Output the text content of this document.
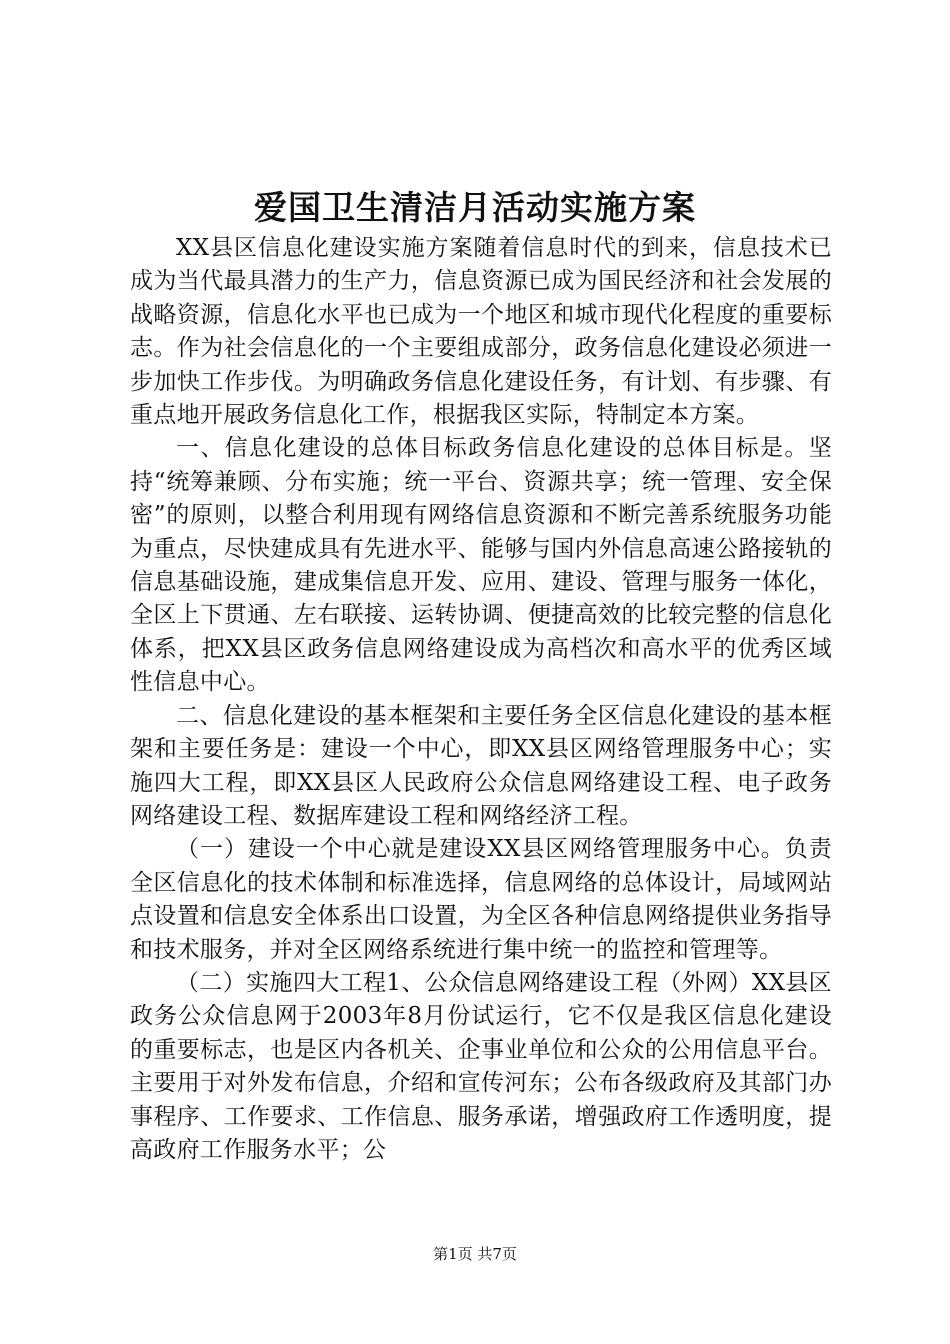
爱国卫生清洁月活动实施方案

XX县区信息化建设实施方案随着信息时代的到来，信息技术已成为当代最具潜力的生产力，信息资源已成为国民经济和社会发展的战略资源，信息化水平也已成为一个地区和城市现代化程度的重要标志。作为社会信息化的一个主要组成部分，政务信息化建设必须进一步加快工作步伐。为明确政务信息化建设任务，有计划、有步骤、有重点地开展政务信息化工作，根据我区实际，特制定本方案。

一、信息化建设的总体目标政务信息化建设的总体目标是。坚持“统筹兼顾、分布实施；统一平台、资源共享；统一管理、安全保密”的原则，以整合利用现有网络信息资源和不断完善系统服务功能为重点，尽快建成具有先进水平、能够与国内外信息高速公路接轨的信息基础设施，建成集信息开发、应用、建设、管理与服务一体化，全区上下贯通、左右联接、运转协调、便捷高效的比较完整的信息化体系，把XX县区政务信息网络建设成为高档次和高水平的优秀区域性信息中心。

二、信息化建设的基本框架和主要任务全区信息化建设的基本框架和主要任务是：建设一个中心，即XX县区网络管理服务中心；实施四大工程，即XX县区人民政府公众信息网络建设工程、电子政务网络建设工程、数据库建设工程和网络经济工程。

（一）建设一个中心就是建设XX县区网络管理服务中心。负责全区信息化的技术体制和标准选择，信息网络的总体设计，局域网站点设置和信息安全体系出口设置，为全区各种信息网络提供业务指导和技术服务，并对全区网络系统进行集中统一的监控和管理等。

（二）实施四大工程1、公众信息网络建设工程（外网）XX县区政务公众信息网于2003年8月份试运行，它不仅是我区信息化建设的重要标志，也是区内各机关、企事业单位和公众的公用信息平台。主要用于对外发布信息，介绍和宣传河东；公布各级政府及其部门办事程序、工作要求、工作信息、服务承诺，增强政府工作透明度，提高政府工作服务水平；公

第1页 共7页
